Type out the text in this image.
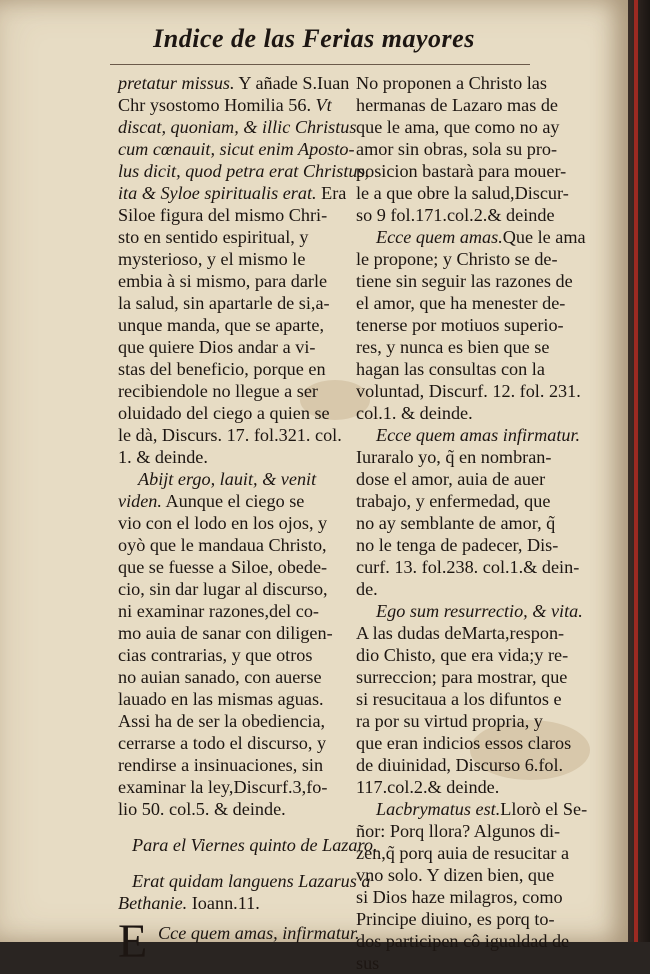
Indice de las Ferias mayores
pretatur missus. Y añade S.Iuan
Chr ysostomo Homilia 56. Vt
discat, quoniam, & illic Christus
cum cœnauit, sicut enim Aposto-
lus dicit, quod petra erat Christus,
ita & Syloe spiritualis erat. Era
Siloe figura del mismo Chri-
sto en sentido espiritual, y
mysterioso, y el mismo le
embia à si mismo, para darle
la salud, sin apartarle de si,a-
unque manda, que se aparte,
que quiere Dios andar a vi-
stas del beneficio, porque en
recibiendole no llegue a ser
oluidado del ciego a quien se
le dà, Discurs. 17. fol.321. col.
1. & deinde.
Abijt ergo, lauit, & venit
viden. Aunque el ciego se
vio con el lodo en los ojos, y
oyò que le mandaua Christo,
que se fuesse a Siloe, obede-
cio, sin dar lugar al discurso,
ni examinar razones,del co-
mo auia de sanar con diligen-
cias contrarias, y que otros
no auian sanado, con auerse
lauado en las mismas aguas.
Assi ha de ser la obediencia,
cerrarse a todo el discurso, y
rendirse a insinuaciones, sin
examinar la ley,Discurf.3,fo-
lio 50. col.5. & deinde.
Para el Viernes quinto de Lazaro.
Erat quidam languens Lazarus a
Bethanie. Ioann.11.
E Cce quem amas, infirmatur.
No proponen a Christo las
hermanas de Lazaro mas de
que le ama, que como no ay
amor sin obras, sola su pro-
posicion bastarà para mouer-
le a que obre la salud,Discur-
so 9 fol.171.col.2.& deinde
Ecce quem amas.Que le ama
le propone; y Christo se de-
tiene sin seguir las razones de
el amor, que ha menester de-
tenerse por motiuos superio-
res, y nunca es bien que se
hagan las consultas con la
voluntad, Discurf. 12. fol. 231.
col.1. & deinde.
Ecce quem amas infirmatur.
Iuraralo yo, q̃ en nombran-
dose el amor, auia de auer
trabajo, y enfermedad, que
no ay semblante de amor, q̃
no le tenga de padecer, Dis-
curf. 13. fol.238. col.1.& dein-
de.
Ego sum resurrectio, & vita.
A las dudas deMarta,respon-
dio Chisto, que era vida;y re-
surreccion; para mostrar, que
si resucitaua a los difuntos e
ra por su virtud propria, y
que eran indicios essos claros
de diuinidad, Discurso 6.fol.
117.col.2.& deinde.
Lacbrymatus est.Llorò el Se-
ñor: Porq llora? Algunos di-
zen,q̃ porq auia de resucitar a
vno solo. Y dizen bien, que
si Dios haze milagros, como
Principe diuino, es porq to-
dos participen cô igualdad de
sus
